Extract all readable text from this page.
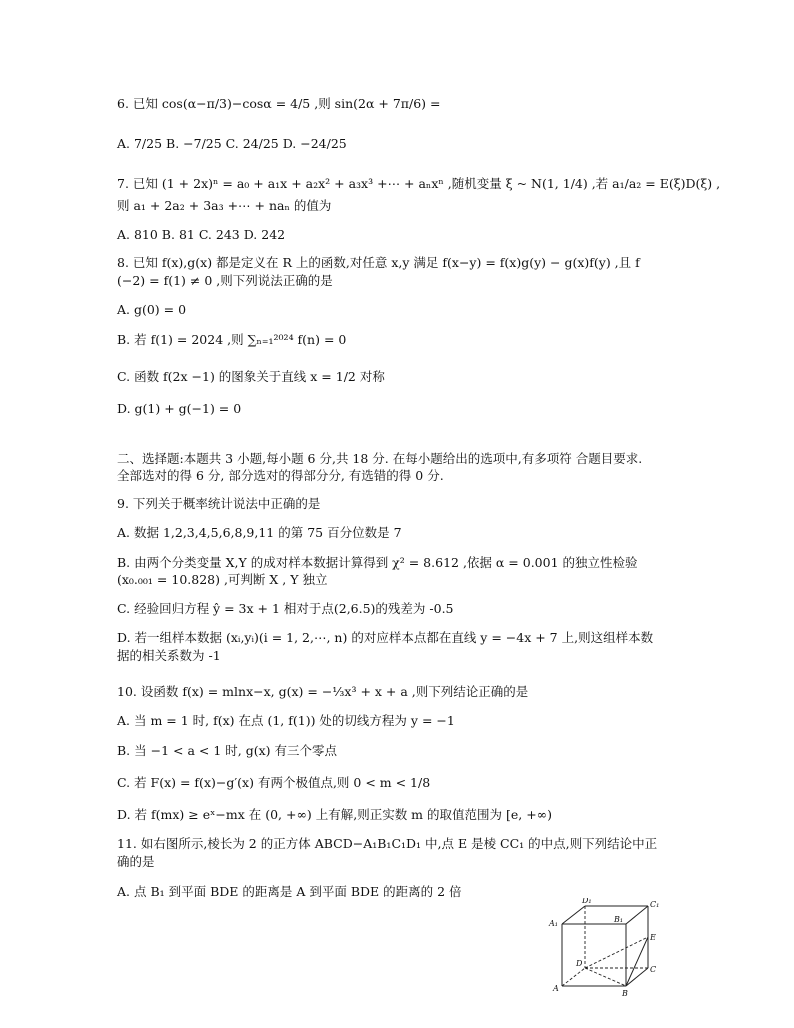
6. 已知 cos(α−π/3)−cosα = 4/5 ,则 sin(2α + 7π/6) =
A. 7/25 B. −7/25 C. 24/25 D. −24/25
7. 已知 (1 + 2x)ⁿ = a₀ + a₁x + a₂x² + a₃x³ +⋯ + aₙxⁿ ,随机变量 ξ ~ N(1, 1/4) ,若 a₁/a₂ = E(ξ)D(ξ) ,
则 a₁ + 2a₂ + 3a₃ +⋯ + naₙ 的值为
A. 810 B. 81 C. 243 D. 242
8. 已知 f(x),g(x) 都是定义在 R 上的函数,对任意 x,y 满足 f(x−y) = f(x)g(y) − g(x)f(y) ,且 f
(−2) = f(1) ≠ 0 ,则下列说法正确的是
A. g(0) = 0
B. 若 f(1) = 2024 ,则 ∑ₙ₌₁²⁰²⁴ f(n) = 0
C. 函数 f(2x −1) 的图象关于直线 x = 1/2 对称
D. g(1) + g(−1) = 0
二、选择题:本题共 3 小题,每小题 6 分,共 18 分. 在每小题给出的选项中,有多项符 合题目要求.
全部选对的得 6 分, 部分选对的得部分分, 有选错的得 0 分.
9. 下列关于概率统计说法中正确的是
A. 数据 1,2,3,4,5,6,8,9,11 的第 75 百分位数是 7
B. 由两个分类变量 X,Y 的成对样本数据计算得到 χ² = 8.612 ,依据 α = 0.001 的独立性检验
(x₀.₀₀₁ = 10.828) ,可判断 X , Y 独立
C. 经验回归方程 ŷ = 3x + 1 相对于点(2,6.5)的残差为 -0.5
D. 若一组样本数据 (xᵢ,yᵢ)(i = 1, 2,⋯, n) 的对应样本点都在直线 y = −4x + 7 上,则这组样本数
据的相关系数为 -1
10. 设函数 f(x) = mlnx−x, g(x) = −⅓x³ + x + a ,则下列结论正确的是
A. 当 m = 1 时, f(x) 在点 (1, f(1)) 处的切线方程为 y = −1
B. 当 −1 < a < 1 时, g(x) 有三个零点
C. 若 F(x) = f(x)−g′(x) 有两个极值点,则 0 < m < 1/8
D. 若 f(mx) ≥ eˣ−mx 在 (0, +∞) 上有解,则正实数 m 的取值范围为 [e, +∞)
11. 如右图所示,棱长为 2 的正方体 ABCD−A₁B₁C₁D₁ 中,点 E 是棱 CC₁ 的中点,则下列结论中正
确的是
A. 点 B₁ 到平面 BDE 的距离是 A 到平面 BDE 的距离的 2 倍
D₁	C₁
A₁	B₁
E
D
C
A
B
